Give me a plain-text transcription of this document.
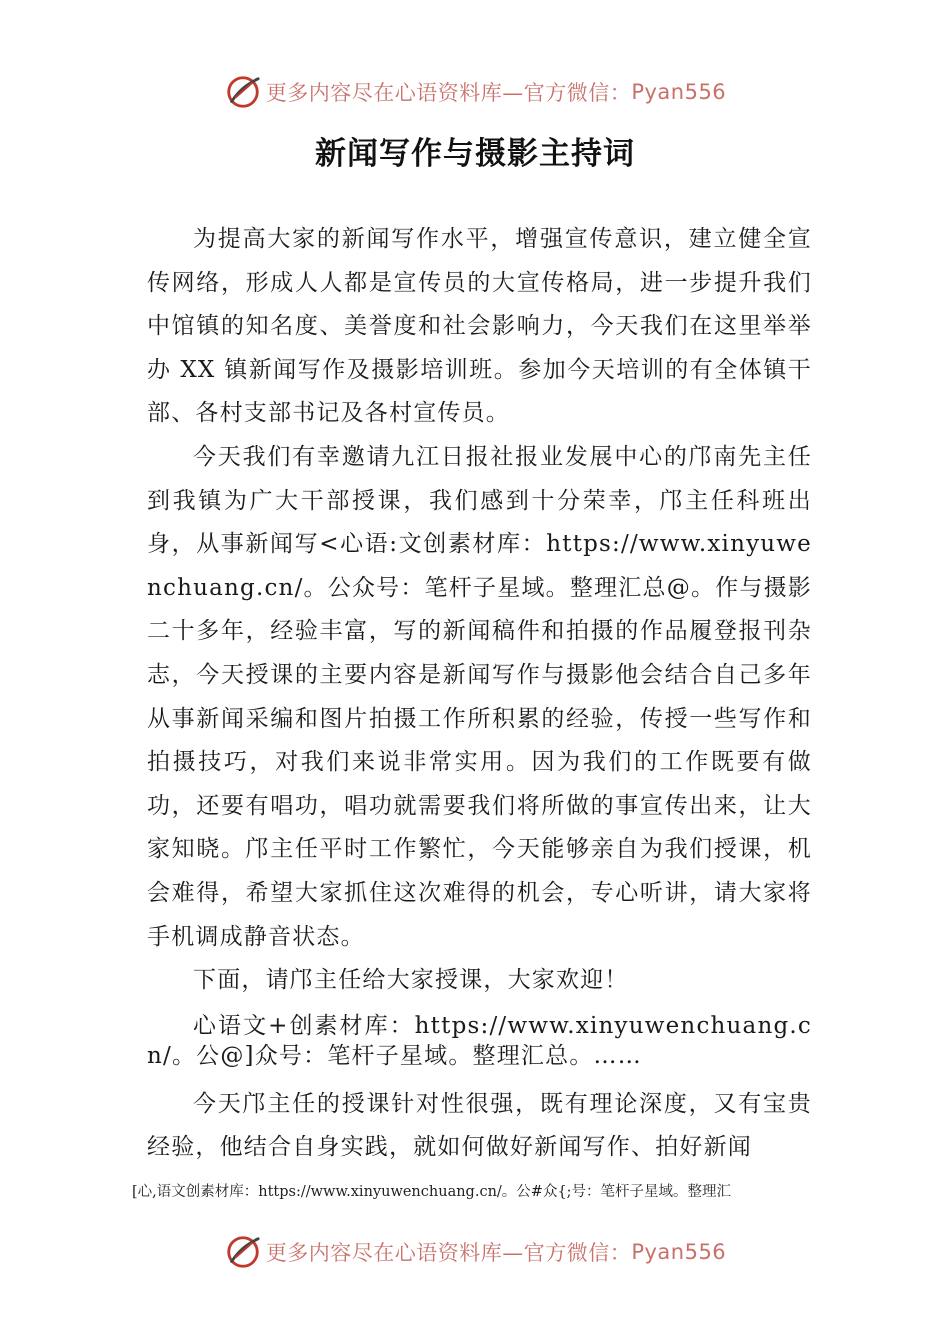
更多内容尽在心语资料库—官方微信： Pyan556
新闻写作与摄影主持词

为提高大家的新闻写作水平，增强宣传意识，建立健全宣传网络，形成人人都是宣传员的大宣传格局，进一步提升我们中馆镇的知名度、美誉度和社会影响力，今天我们在这里举举办 XX 镇新闻写作及摄影培训班。参加今天培训的有全体镇干部、各村支部书记及各村宣传员。

今天我们有幸邀请九江日报社报业发展中心的邝南先主任到我镇为广大干部授课，我们感到十分荣幸，邝主任科班出身，从事新闻写<心语:文创素材库：https://www.xinyuwenchuang.cn/。公众号：笔杆子星域。整理汇总@。作与摄影二十多年，经验丰富，写的新闻稿件和拍摄的作品履登报刊杂志，今天授课的主要内容是新闻写作与摄影他会结合自己多年从事新闻采编和图片拍摄工作所积累的经验，传授一些写作和拍摄技巧，对我们来说非常实用。因为我们的工作既要有做功，还要有唱功，唱功就需要我们将所做的事宣传出来，让大家知晓。邝主任平时工作繁忙，今天能够亲自为我们授课，机会难得，希望大家抓住这次难得的机会，专心听讲，请大家将手机调成静音状态。

下面，请邝主任给大家授课，大家欢迎！

心语文+创素材库：https://www.xinyuwenchuang.cn/。公@]众号：笔杆子星域。整理汇总。……

今天邝主任的授课针对性很强，既有理论深度，又有宝贵经验，他结合自身实践，就如何做好新闻写作、拍好新闻

[心,语文创素材库：https://www.xinyuwenchuang.cn/。公#众{;号：笔杆子星域。整理汇
更多内容尽在心语资料库—官方微信： Pyan556
